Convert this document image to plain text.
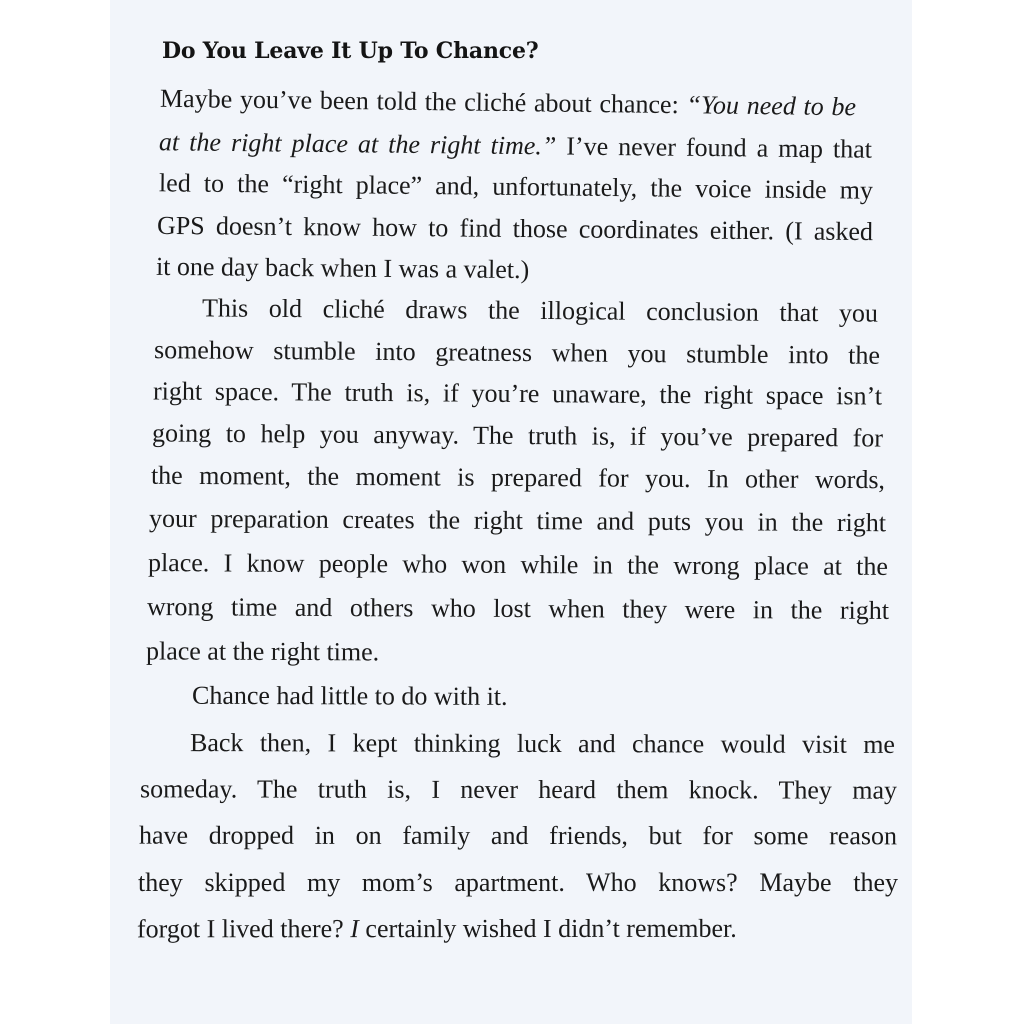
Do You Leave It Up To Chance?

Maybe you’ve been told the cliché about chance: “You need to be

at the right place at the right time.” I’ve never found a map that

led to the “right place” and, unfortunately, the voice inside my

GPS doesn’t know how to find those coordinates either. (I asked

it one day back when I was a valet.)

This old cliché draws the illogical conclusion that you

somehow stumble into greatness when you stumble into the

right space. The truth is, if you’re unaware, the right space isn’t

going to help you anyway. The truth is, if you’ve prepared for

the moment, the moment is prepared for you. In other words,

your preparation creates the right time and puts you in the right

place. I know people who won while in the wrong place at the

wrong time and others who lost when they were in the right

place at the right time.

Chance had little to do with it.

Back then, I kept thinking luck and chance would visit me

someday. The truth is, I never heard them knock. They may

have dropped in on family and friends, but for some reason

they skipped my mom’s apartment. Who knows? Maybe they

forgot I lived there? I certainly wished I didn’t remember.
